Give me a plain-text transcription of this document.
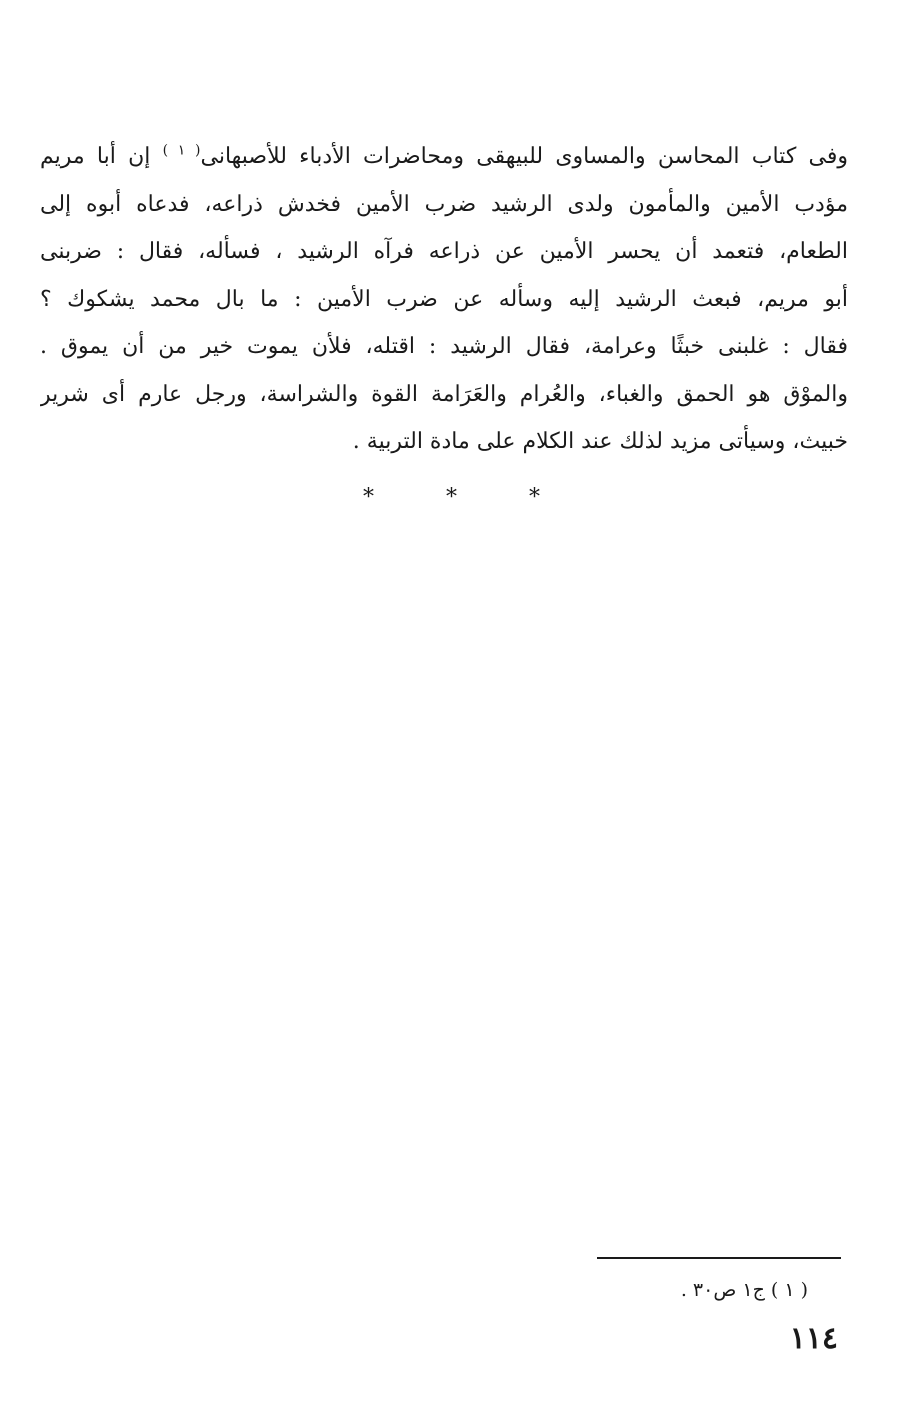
وفى كتاب المحاسن والمساوى للبيهقى ومحاضرات الأدباء للأصبهانى$^{( ١ )}$ إن أبا مريم
مؤدب الأمين والمأمون ولدى الرشيد ضرب الأمين فخدش ذراعه، فدعاه أبوه إلى
الطعام، فتعمد أن يحسر الأمين عن ذراعه فرآه الرشيد ، فسأله، فقال : ضربنى
أبو مريم، فبعث الرشيد إليه وسأله عن ضرب الأمين : ما بال محمد يشكوك ؟
فقال : غلبنى خبثًا وعرامة، فقال الرشيد : اقتله، فلأن يموت خير من أن يموق .
والموْق هو الحمق والغباء، والعُرام والعَرَامة القوة والشراسة، ورجل عارم أى شرير
خبيث، وسيأتى مزيد لذلك عند الكلام على مادة التربية .
* * *
( ١ ) ج١ ص٣٠ .
١١٤
